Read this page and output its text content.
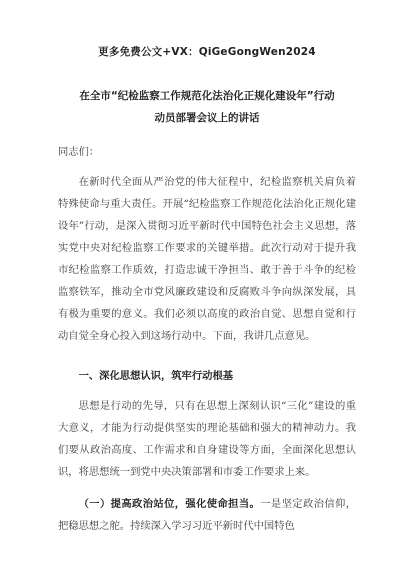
更多免费公文+VX：QiGeGongWen2024
在全市“纪检监察工作规范化法治化正规化建设年”行动
动员部署会议上的讲话

同志们：

在新时代全面从严治党的伟大征程中，纪检监察机关肩负着特殊使命与重大责任。开展“纪检监察工作规范化法治化正规化建设年”行动，是深入贯彻习近平新时代中国特色社会主义思想，落实党中央对纪检监察工作要求的关键举措。此次行动对于提升我市纪检监察工作质效，打造忠诚干净担当、敢于善于斗争的纪检监察铁军，推动全市党风廉政建设和反腐败斗争向纵深发展，具有极为重要的意义。我们必须以高度的政治自觉、思想自觉和行动自觉全身心投入到这场行动中。下面，我讲几点意见。

一、深化思想认识，筑牢行动根基

思想是行动的先导，只有在思想上深刻认识“三化”建设的重大意义，才能为行动提供坚实的理论基础和强大的精神动力。我们要从政治高度、工作需求和自身建设等方面，全面深化思想认识，将思想统一到党中央决策部署和市委工作要求上来。

（一）提高政治站位，强化使命担当。一是坚定政治信仰，把稳思想之舵。持续深入学习习近平新时代中国特色
